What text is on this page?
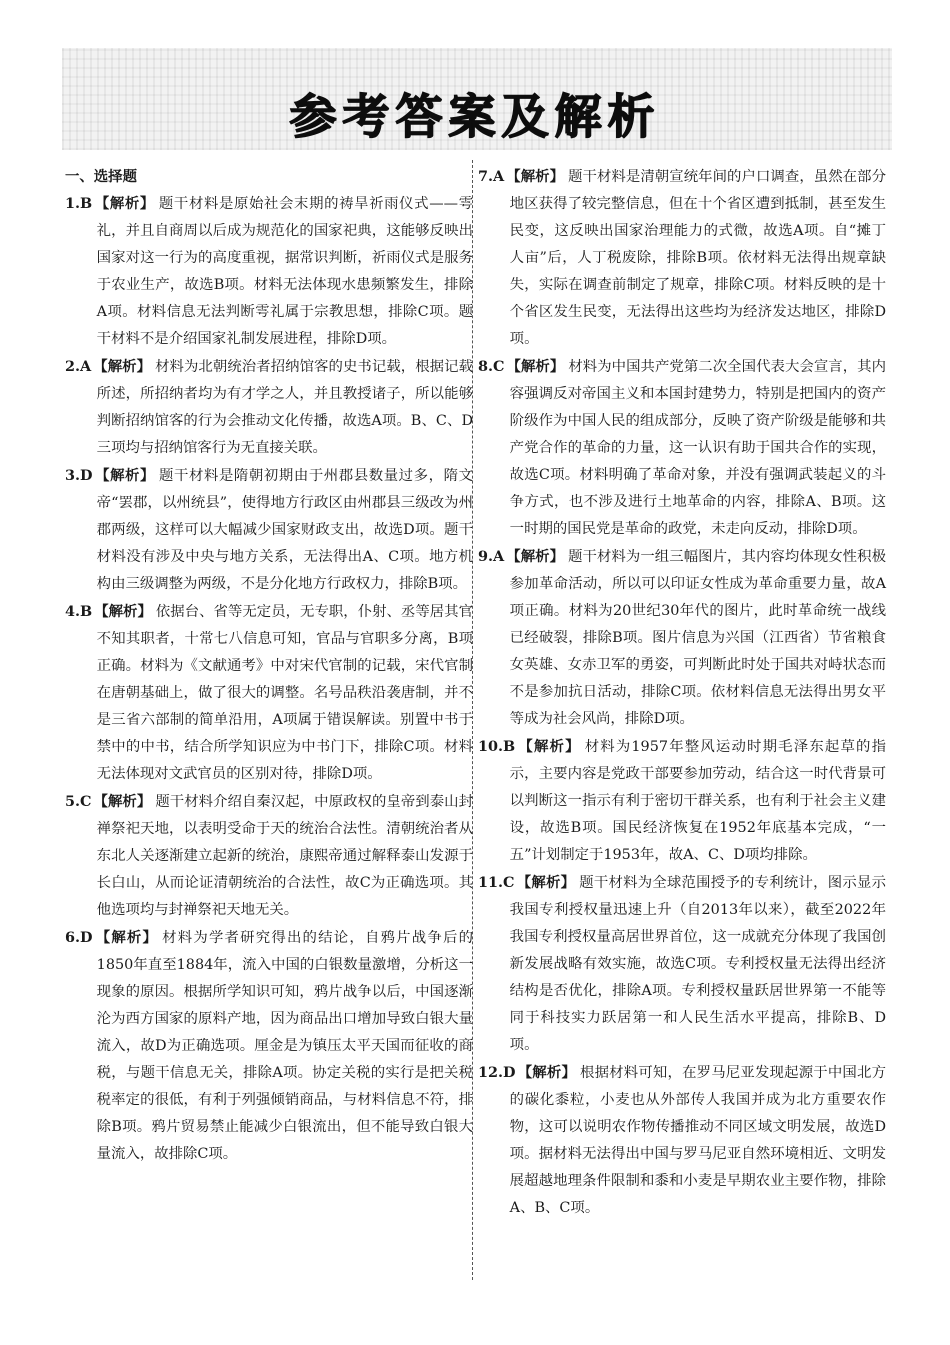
参考答案及解析

一、选择题

1.B 【解析】 题干材料是原始社会末期的祷旱祈雨仪式——雩礼，并且自商周以后成为规范化的国家祀典，这能够反映出国家对这一行为的高度重视，据常识判断，祈雨仪式是服务于农业生产，故选B项。材料无法体现水患频繁发生，排除A项。材料信息无法判断雩礼属于宗教思想，排除C项。题干材料不是介绍国家礼制发展进程，排除D项。

2.A 【解析】 材料为北朝统治者招纳馆客的史书记载，根据记载所述，所招纳者均为有才学之人，并且教授诸子，所以能够判断招纳馆客的行为会推动文化传播，故选A项。B、C、D三项均与招纳馆客行为无直接关联。

3.D 【解析】 题干材料是隋朝初期由于州郡县数量过多，隋文帝“罢郡，以州统县”，使得地方行政区由州郡县三级改为州郡两级，这样可以大幅减少国家财政支出，故选D项。题干材料没有涉及中央与地方关系，无法得出A、C项。地方机构由三级调整为两级，不是分化地方行政权力，排除B项。

4.B 【解析】 依据台、省等无定员，无专职，仆射、丞等居其官不知其职者，十常七八信息可知，官品与官职多分离，B项正确。材料为《文献通考》中对宋代官制的记载，宋代官制在唐朝基础上，做了很大的调整。名号品秩沿袭唐制，并不是三省六部制的简单沿用，A项属于错误解读。别置中书于禁中的中书，结合所学知识应为中书门下，排除C项。材料无法体现对文武官员的区别对待，排除D项。

5.C 【解析】 题干材料介绍自秦汉起，中原政权的皇帝到泰山封禅祭祀天地，以表明受命于天的统治合法性。清朝统治者从东北人关逐渐建立起新的统治，康熙帝通过解释泰山发源于长白山，从而论证清朝统治的合法性，故C为正确选项。其他选项均与封禅祭祀天地无关。

6.D 【解析】 材料为学者研究得出的结论，自鸦片战争后的1850年直至1884年，流入中国的白银数量激增，分析这一现象的原因。根据所学知识可知，鸦片战争以后，中国逐渐沦为西方国家的原料产地，因为商品出口增加导致白银大量流入，故D为正确选项。厘金是为镇压太平天国而征收的商税，与题干信息无关，排除A项。协定关税的实行是把关税税率定的很低，有利于列强倾销商品，与材料信息不符，排除B项。鸦片贸易禁止能减少白银流出，但不能导致白银大量流入，故排除C项。

7.A 【解析】 题干材料是清朝宣统年间的户口调查，虽然在部分地区获得了较完整信息，但在十个省区遭到抵制，甚至发生民变，这反映出国家治理能力的式微，故选A项。自“摊丁人亩”后，人丁税废除，排除B项。依材料无法得出规章缺失，实际在调查前制定了规章，排除C项。材料反映的是十个省区发生民变，无法得出这些均为经济发达地区，排除D项。

8.C 【解析】 材料为中国共产党第二次全国代表大会宣言，其内容强调反对帝国主义和本国封建势力，特别是把国内的资产阶级作为中国人民的组成部分，反映了资产阶级是能够和共产党合作的革命的力量，这一认识有助于国共合作的实现，故选C项。材料明确了革命对象，并没有强调武装起义的斗争方式，也不涉及进行土地革命的内容，排除A、B项。这一时期的国民党是革命的政党，未走向反动，排除D项。

9.A 【解析】 题干材料为一组三幅图片，其内容均体现女性积极参加革命活动，所以可以印证女性成为革命重要力量，故A项正确。材料为20世纪30年代的图片，此时革命统一战线已经破裂，排除B项。图片信息为兴国（江西省）节省粮食女英雄、女赤卫军的勇姿，可判断此时处于国共对峙状态而不是参加抗日活动，排除C项。依材料信息无法得出男女平等成为社会风尚，排除D项。

10.B 【解析】 材料为1957年整风运动时期毛泽东起草的指示，主要内容是党政干部要参加劳动，结合这一时代背景可以判断这一指示有利于密切干群关系，也有利于社会主义建设，故选B项。国民经济恢复在1952年底基本完成，“一五”计划制定于1953年，故A、C、D项均排除。

11.C 【解析】 题干材料为全球范围授予的专利统计，图示显示我国专利授权量迅速上升（自2013年以来），截至2022年我国专利授权量高居世界首位，这一成就充分体现了我国创新发展战略有效实施，故选C项。专利授权量无法得出经济结构是否优化，排除A项。专利授权量跃居世界第一不能等同于科技实力跃居第一和人民生活水平提高，排除B、D项。

12.D 【解析】 根据材料可知，在罗马尼亚发现起源于中国北方的碳化黍粒，小麦也从外部传人我国并成为北方重要农作物，这可以说明农作物传播推动不同区域文明发展，故选D项。据材料无法得出中国与罗马尼亚自然环境相近、文明发展超越地理条件限制和黍和小麦是早期农业主要作物，排除A、B、C项。
